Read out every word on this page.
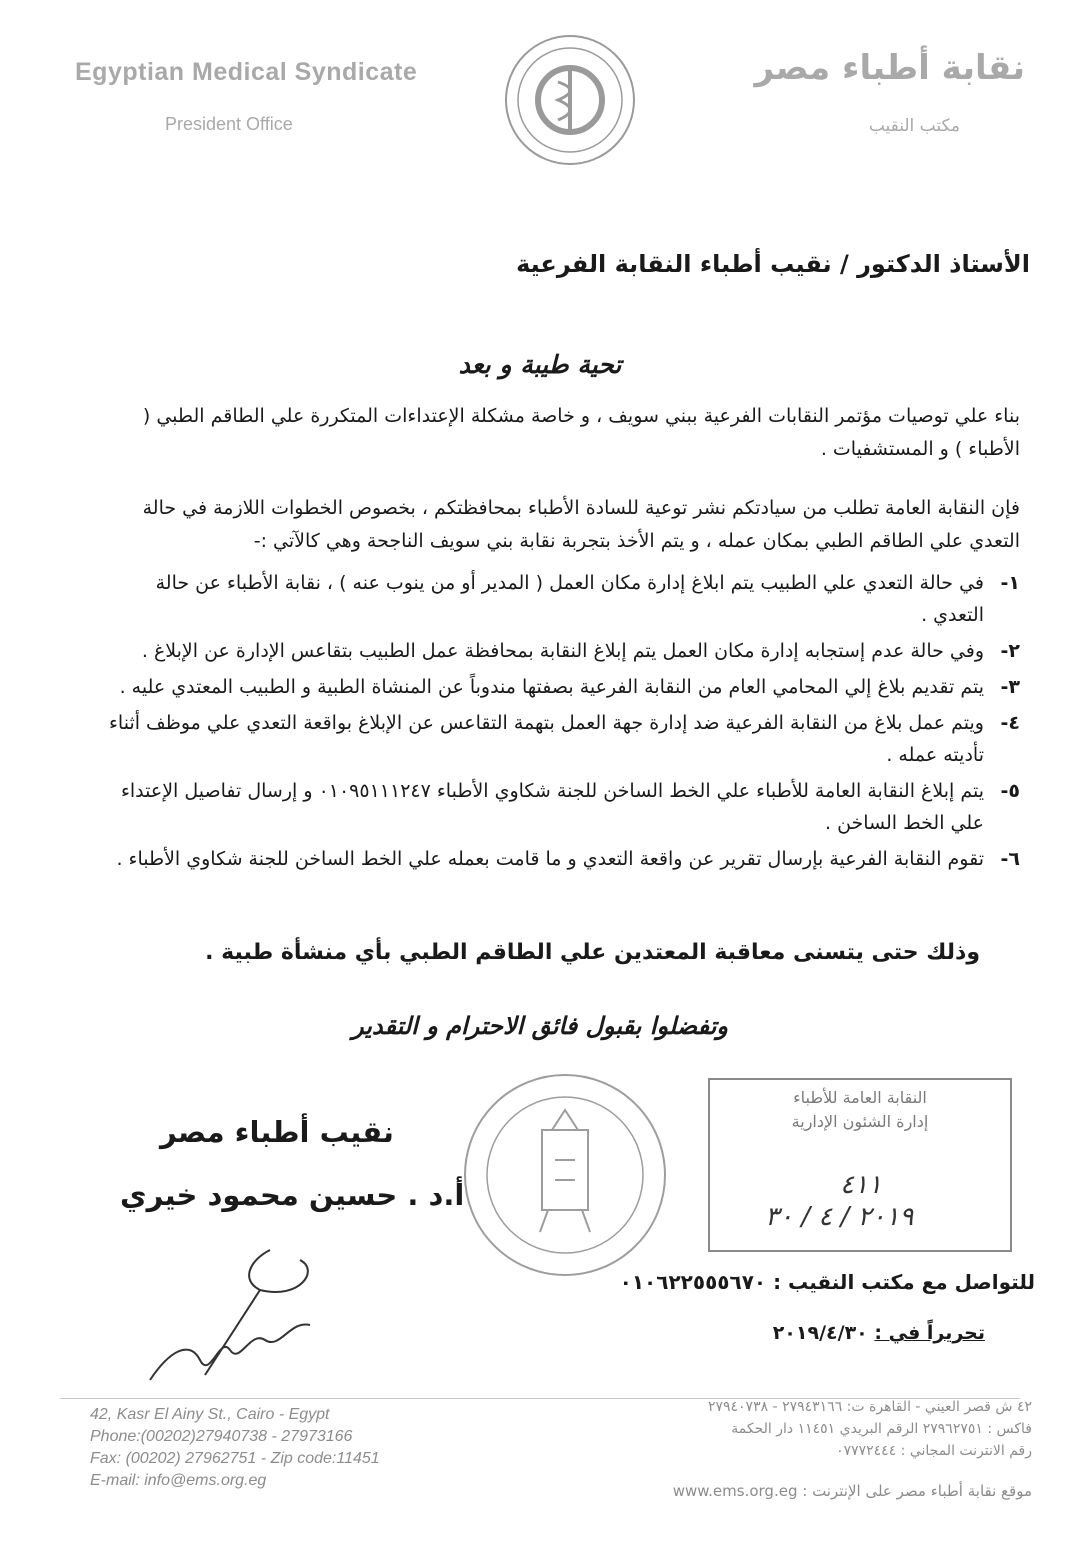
Egyptian Medical Syndicate
President Office
نقابة أطباء مصر
مكتب النقيب
الأستاذ الدكتور / نقيب أطباء النقابة الفرعية
تحية طيبة و بعد
بناء علي توصيات مؤتمر النقابات الفرعية ببني سويف ، و خاصة مشكلة الإعتداءات المتكررة علي الطاقم الطبي ( الأطباء ) و المستشفيات .
فإن النقابة العامة تطلب من سيادتكم نشر توعية للسادة الأطباء بمحافظتكم ، بخصوص الخطوات اللازمة في حالة التعدي علي الطاقم الطبي بمكان عمله ، و يتم الأخذ بتجربة نقابة بني سويف الناجحة وهي كالآتي :-
١-
في حالة التعدي علي الطبيب يتم ابلاغ إدارة مكان العمل ( المدير أو من ينوب عنه ) ، نقابة الأطباء عن حالة التعدي .
٢-
وفي حالة عدم إستجابه إدارة مكان العمل يتم إبلاغ النقابة بمحافظة عمل الطبيب بتقاعس الإدارة عن الإبلاغ .
٣-
يتم تقديم بلاغ إلي المحامي العام من النقابة الفرعية بصفتها مندوباً عن المنشاة الطبية و الطبيب المعتدي عليه .
٤-
ويتم عمل بلاغ من النقابة الفرعية ضد إدارة جهة العمل بتهمة التقاعس عن الإبلاغ بواقعة التعدي علي موظف أثناء تأديته عمله .
٥-
يتم إبلاغ النقابة العامة للأطباء علي الخط الساخن للجنة شكاوي الأطباء ٠١٠٩٥١١١٢٤٧ و إرسال تفاصيل الإعتداء علي الخط الساخن .
٦-
تقوم النقابة الفرعية بإرسال تقرير عن واقعة التعدي و ما قامت بعمله علي الخط الساخن للجنة شكاوي الأطباء .
وذلك حتى يتسنى معاقبة المعتدين علي الطاقم الطبي بأي منشأة طبية .
وتفضلوا بقبول فائق الاحترام و التقدير
نقيب أطباء مصر
أ.د . حسين محمود خيري
النقابة العامة للأطباء
إدارة الشئون الإدارية
٤١١
٢٠١٩ / ٤ / ٣٠
للتواصل مع مكتب النقيب : ٠١٠٦٢٢٥٥٥٦٧٠
تحريراً في : ٢٠١٩/٤/٣٠
42, Kasr El Ainy St., Cairo - Egypt
Phone:(00202)27940738 - 27973166
Fax: (00202) 27962751 - Zip code:11451
E-mail: info@ems.org.eg
٤٢ ش قصر العيني - القاهرة ت: ٢٧٩٤٣١٦٦ - ٢٧٩٤٠٧٣٨
فاكس : ٢٧٩٦٢٧٥١ الرقم البريدي ١١٤٥١ دار الحكمة
رقم الانترنت المجاني : ٠٧٧٧٢٤٤٤
موقع نقابة أطباء مصر على الإنترنت : www.ems.org.eg
